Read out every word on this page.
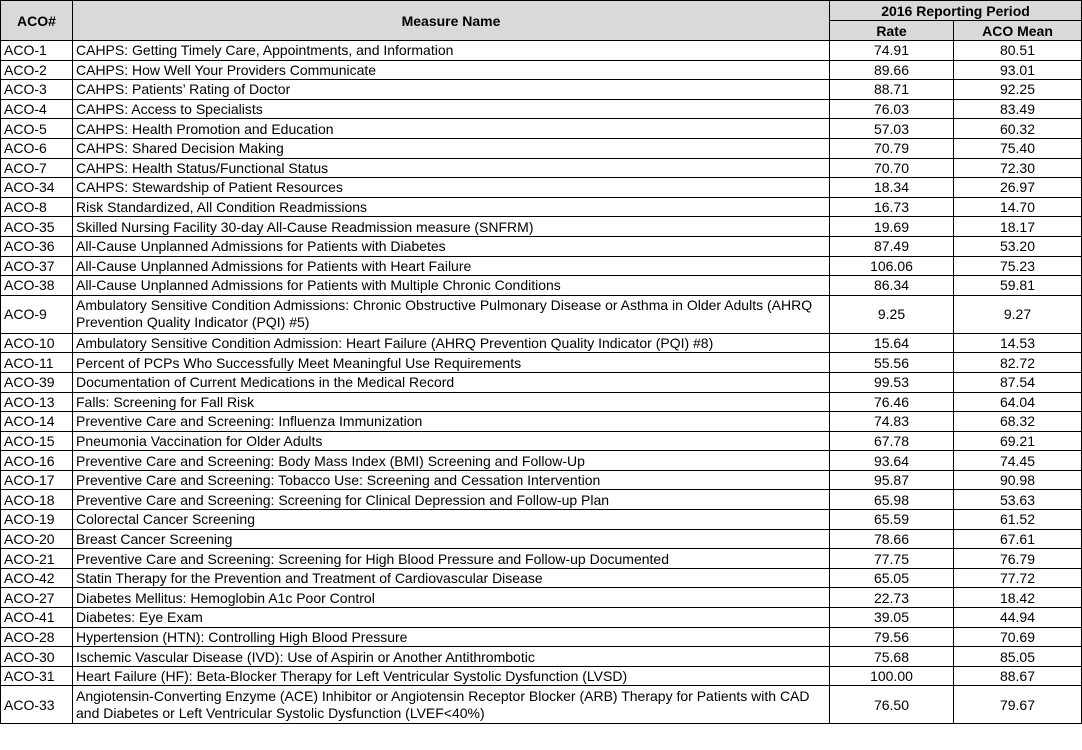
ACO#	Measure Name	2016 Reporting Period	
		Rate	ACO Mean
ACO-1	CAHPS: Getting Timely Care, Appointments, and Information	74.91	80.51
ACO-2	CAHPS: How Well Your Providers Communicate	89.66	93.01
ACO-3	CAHPS: Patients’ Rating of Doctor	88.71	92.25
ACO-4	CAHPS: Access to Specialists	76.03	83.49
ACO-5	CAHPS: Health Promotion and Education	57.03	60.32
ACO-6	CAHPS: Shared Decision Making	70.79	75.40
ACO-7	CAHPS: Health Status/Functional Status	70.70	72.30
ACO-34	CAHPS: Stewardship of Patient Resources	18.34	26.97
ACO-8	Risk Standardized, All Condition Readmissions	16.73	14.70
ACO-35	Skilled Nursing Facility 30-day All-Cause Readmission measure (SNFRM)	19.69	18.17
ACO-36	All-Cause Unplanned Admissions for Patients with Diabetes	87.49	53.20
ACO-37	All-Cause Unplanned Admissions for Patients with Heart Failure	106.06	75.23
ACO-38	All-Cause Unplanned Admissions for Patients with Multiple Chronic Conditions	86.34	59.81
ACO-9	Ambulatory Sensitive Condition Admissions: Chronic Obstructive Pulmonary Disease or Asthma in Older Adults (AHRQ Prevention Quality Indicator (PQI) #5)	9.25	9.27
ACO-10	Ambulatory Sensitive Condition Admission: Heart Failure (AHRQ Prevention Quality Indicator (PQI) #8)	15.64	14.53
ACO-11	Percent of PCPs Who Successfully Meet Meaningful Use Requirements	55.56	82.72
ACO-39	Documentation of Current Medications in the Medical Record	99.53	87.54
ACO-13	Falls: Screening for Fall Risk	76.46	64.04
ACO-14	Preventive Care and Screening: Influenza Immunization	74.83	68.32
ACO-15	Pneumonia Vaccination for Older Adults	67.78	69.21
ACO-16	Preventive Care and Screening: Body Mass Index (BMI) Screening and Follow-Up	93.64	74.45
ACO-17	Preventive Care and Screening: Tobacco Use: Screening and Cessation Intervention	95.87	90.98
ACO-18	Preventive Care and Screening: Screening for Clinical Depression and Follow-up Plan	65.98	53.63
ACO-19	Colorectal Cancer Screening	65.59	61.52
ACO-20	Breast Cancer Screening	78.66	67.61
ACO-21	Preventive Care and Screening: Screening for High Blood Pressure and Follow-up Documented	77.75	76.79
ACO-42	Statin Therapy for the Prevention and Treatment of Cardiovascular Disease	65.05	77.72
ACO-27	Diabetes Mellitus: Hemoglobin A1c Poor Control	22.73	18.42
ACO-41	Diabetes: Eye Exam	39.05	44.94
ACO-28	Hypertension (HTN): Controlling High Blood Pressure	79.56	70.69
ACO-30	Ischemic Vascular Disease (IVD): Use of Aspirin or Another Antithrombotic	75.68	85.05
ACO-31	Heart Failure (HF): Beta-Blocker Therapy for Left Ventricular Systolic Dysfunction (LVSD)	100.00	88.67
ACO-33	Angiotensin-Converting Enzyme (ACE) Inhibitor or Angiotensin Receptor Blocker (ARB) Therapy for Patients with CAD and Diabetes or Left Ventricular Systolic Dysfunction (LVEF<40%)	76.50	79.67
